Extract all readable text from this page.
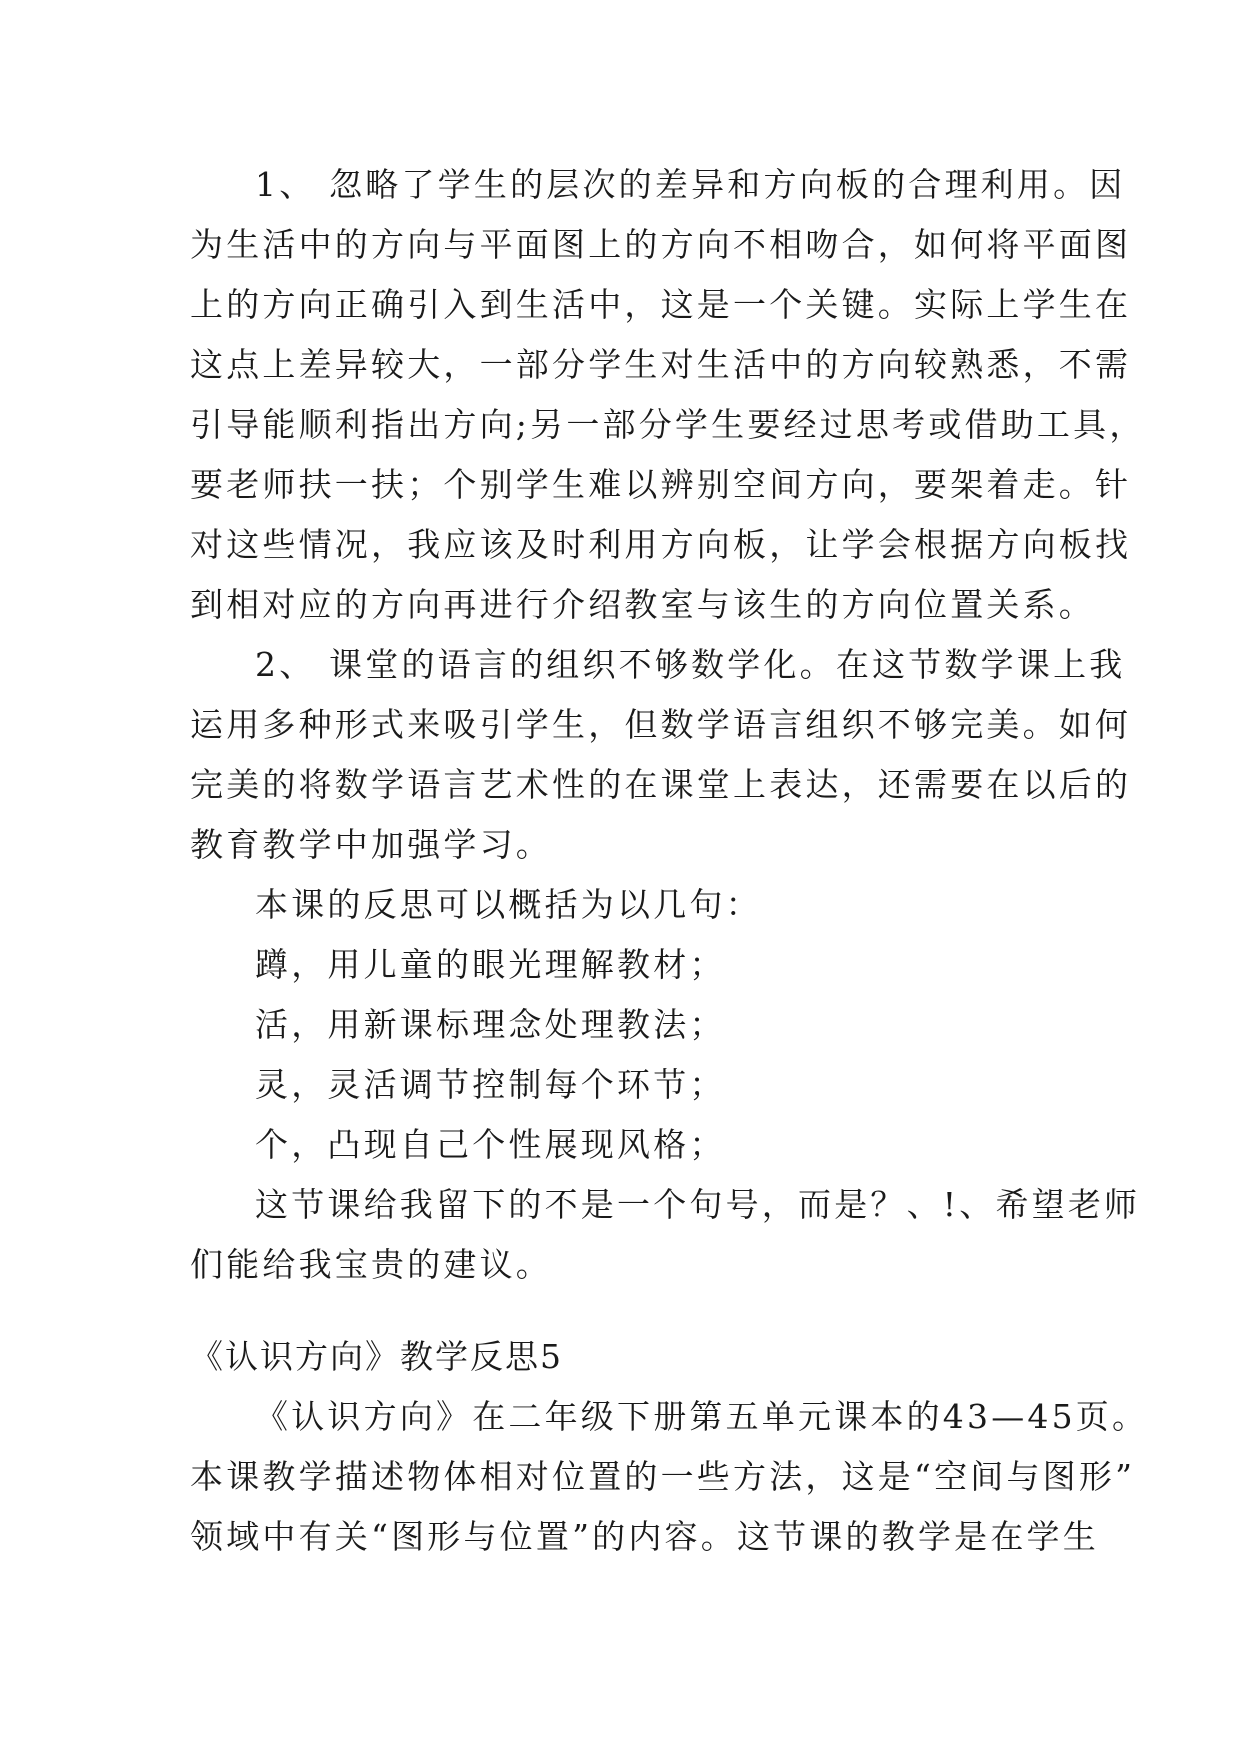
1、 忽略了学生的层次的差异和方向板的合理利用。因
为生活中的方向与平面图上的方向不相吻合，如何将平面图
上的方向正确引入到生活中，这是一个关键。实际上学生在
这点上差异较大，一部分学生对生活中的方向较熟悉，不需
引导能顺利指出方向;另一部分学生要经过思考或借助工具，
要老师扶一扶；个别学生难以辨别空间方向，要架着走。针
对这些情况，我应该及时利用方向板，让学会根据方向板找
到相对应的方向再进行介绍教室与该生的方向位置关系。
2、 课堂的语言的组织不够数学化。在这节数学课上我
运用多种形式来吸引学生，但数学语言组织不够完美。如何
完美的将数学语言艺术性的在课堂上表达，还需要在以后的
教育教学中加强学习。
本课的反思可以概括为以几句：
蹲，用儿童的眼光理解教材；
活，用新课标理念处理教法；
灵，灵活调节控制每个环节；
个，凸现自己个性展现风格；
这节课给我留下的不是一个句号，而是？、!、希望老师
们能给我宝贵的建议。
《认识方向》教学反思5
《认识方向》在二年级下册第五单元课本的43—45页。
本课教学描述物体相对位置的一些方法，这是“空间与图形”
领域中有关“图形与位置”的内容。这节课的教学是在学生
